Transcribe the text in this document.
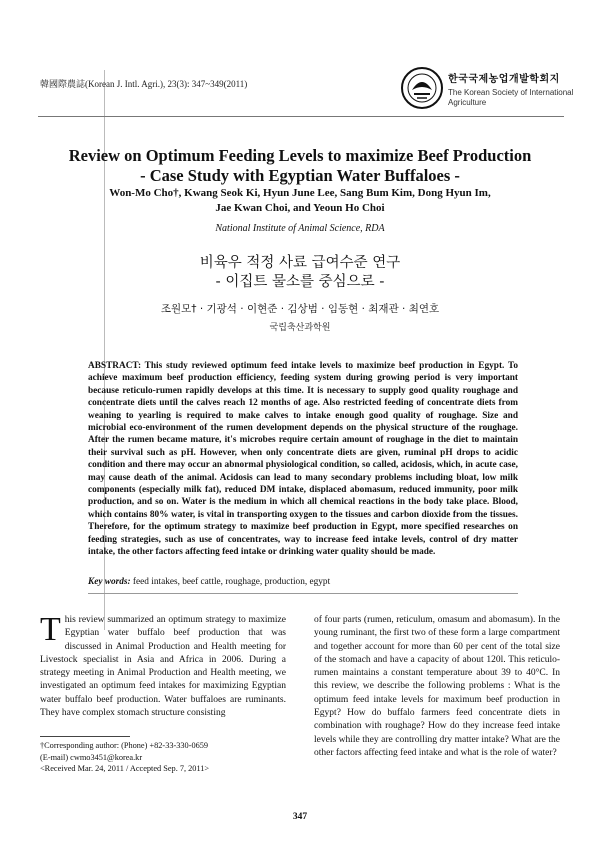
韓國際農誌(Korean J. Intl. Agri.), 23(3): 347~349(2011)	한국국제농업개발학회지
The Korean Society of International
Agriculture
Review on Optimum Feeding Levels to maximize Beef Production
- Case Study with Egyptian Water Buffaloes -
Won-Mo Cho†, Kwang Seok Ki, Hyun June Lee, Sang Bum Kim, Dong Hyun Im,
Jae Kwan Choi, and Yeoun Ho Choi
National Institute of Animal Science, RDA
비육우 적정 사료 급여수준 연구
- 이집트 물소를 중심으로 -
조원모† · 기광석 · 이현준 · 김상범 · 임동현 · 최재관 · 최연호
국립축산과학원
ABSTRACT: This study reviewed optimum feed intake levels to maximize beef production in Egypt. To achieve maximum beef production efficiency, feeding system during growing period is very important because reticulo-rumen rapidly develops at this time. It is necessary to supply good quality roughage and concentrate diets until the calves reach 12 months of age. Also restricted feeding of concentrate diets from weaning to yearling is required to make calves to intake enough good quality of roughage. Size and microbial eco-environment of the rumen development depends on the physical structure of the roughage. After the rumen became mature, it's microbes require certain amount of roughage in the diet to maintain their survival such as pH. However, when only concentrate diets are given, ruminal pH drops to acidic condition and there may occur an abnormal physiological condition, so called, acidosis, which, in acute case, may cause death of the animal. Acidosis can lead to many secondary problems including bloat, low milk components (especially milk fat), reduced DM intake, displaced abomasum, reduced immunity, poor milk production, and so on. Water is the medium in which all chemical reactions in the body take place. Blood, which contains 80% water, is vital in transporting oxygen to the tissues and carbon dioxide from the tissues. Therefore, for the optimum strategy to maximize beef production in Egypt, more specified researches on feeding strategies, such as use of concentrates, way to increase feed intake levels, control of dry matter intake, the other factors affecting feed intake or drinking water quality should be made.
Key words: feed intakes, beef cattle, roughage, production, egypt
This review summarized an optimum strategy to maximize Egyptian water buffalo beef production that was discussed in Animal Production and Health meeting for Livestock specialist in Asia and Africa in 2006. During a strategy meeting in Animal Production and Health meeting, we investigated an optimum feed intakes for maximizing Egyptian water buffalo beef production. Water buffaloes are ruminants. They have complex stomach structure consisting
of four parts (rumen, reticulum, omasum and abomasum). In the young ruminant, the first two of these form a large compartment and together account for more than 60 per cent of the total size of the stomach and have a capacity of about 120l. This reticulo-rumen maintains a constant temperature about 39 to 40°C. In this review, we describe the following problems : What is the optimum feed intake levels for maximum beef production in Egypt? How do buffalo farmers feed concentrate diets in combination with roughage? How do they increase feed intake levels while they are controlling dry matter intake? What are the other factors affecting feed intake and what is the role of water?
†Corresponding author: (Phone) +82-33-330-0659
(E-mail) cwmo3451@korea.kr
<Received Mar. 24, 2011 / Accepted Sep. 7, 2011>
347
